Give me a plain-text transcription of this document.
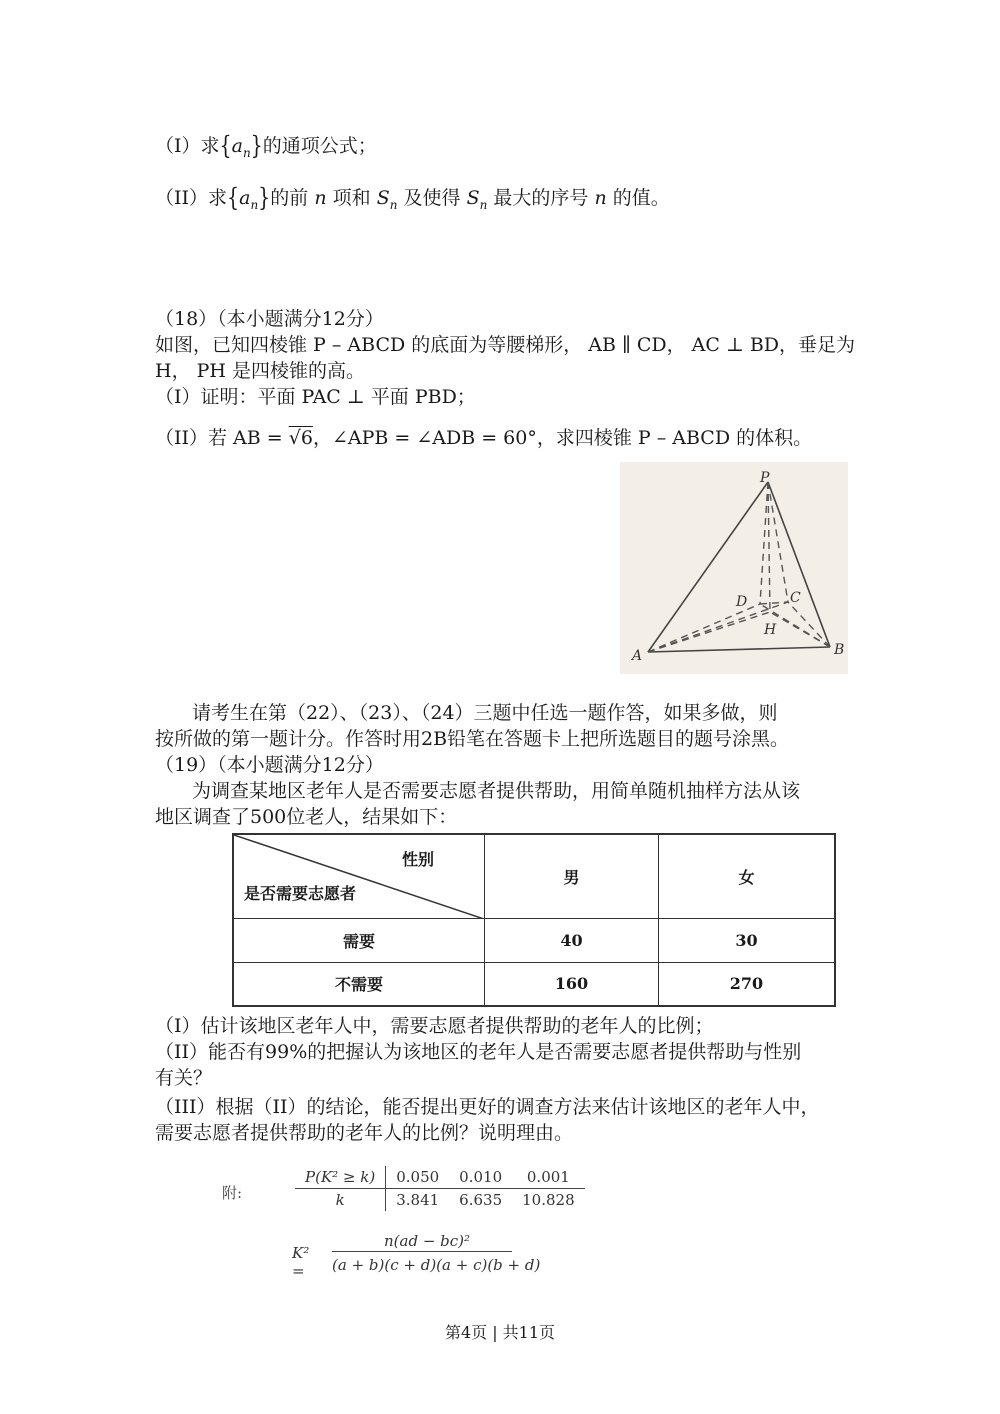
（I）求$\{a_n\}$的通项公式；
（II）求$\{a_n\}$的前 n 项和 $S_n$ 及使得 $S_n$ 最大的序号 n 的值。
（18）（本小题满分12分）
如图，已知四棱锥 P – ABCD 的底面为等腰梯形， AB ∥ CD， AC ⊥ BD，垂足为
H， PH 是四棱锥的高。
（I）证明：平面 PAC ⊥ 平面 PBD；
（II）若 AB = √6，∠APB = ∠ADB = 60°，求四棱锥 P – ABCD 的体积。
P
A	B
C
D
H
请考生在第（22）、（23）、（24）三题中任选一题作答，如果多做，则
按所做的第一题计分。作答时用2B铅笔在答题卡上把所选题目的题号涂黑。
（19）（本小题满分12分）
为调查某地区老年人是否需要志愿者提供帮助，用简单随机抽样方法从该
地区调查了500位老人，结果如下：
性别
是否需要志愿者	男	女
需要	40	30
不需要	160	270
（I）估计该地区老年人中，需要志愿者提供帮助的老年人的比例；
（II）能否有99%的把握认为该地区的老年人是否需要志愿者提供帮助与性别
有关？
（III）根据（II）的结论，能否提出更好的调查方法来估计该地区的老年人中，
需要志愿者提供帮助的老年人的比例？说明理由。
附:
P(K² ≥ k)	0.050	0.010	0.001
k	3.841	6.635	10.828
K² =
n(ad − bc)²
(a + b)(c + d)(a + c)(b + d)
第4页 | 共11页
